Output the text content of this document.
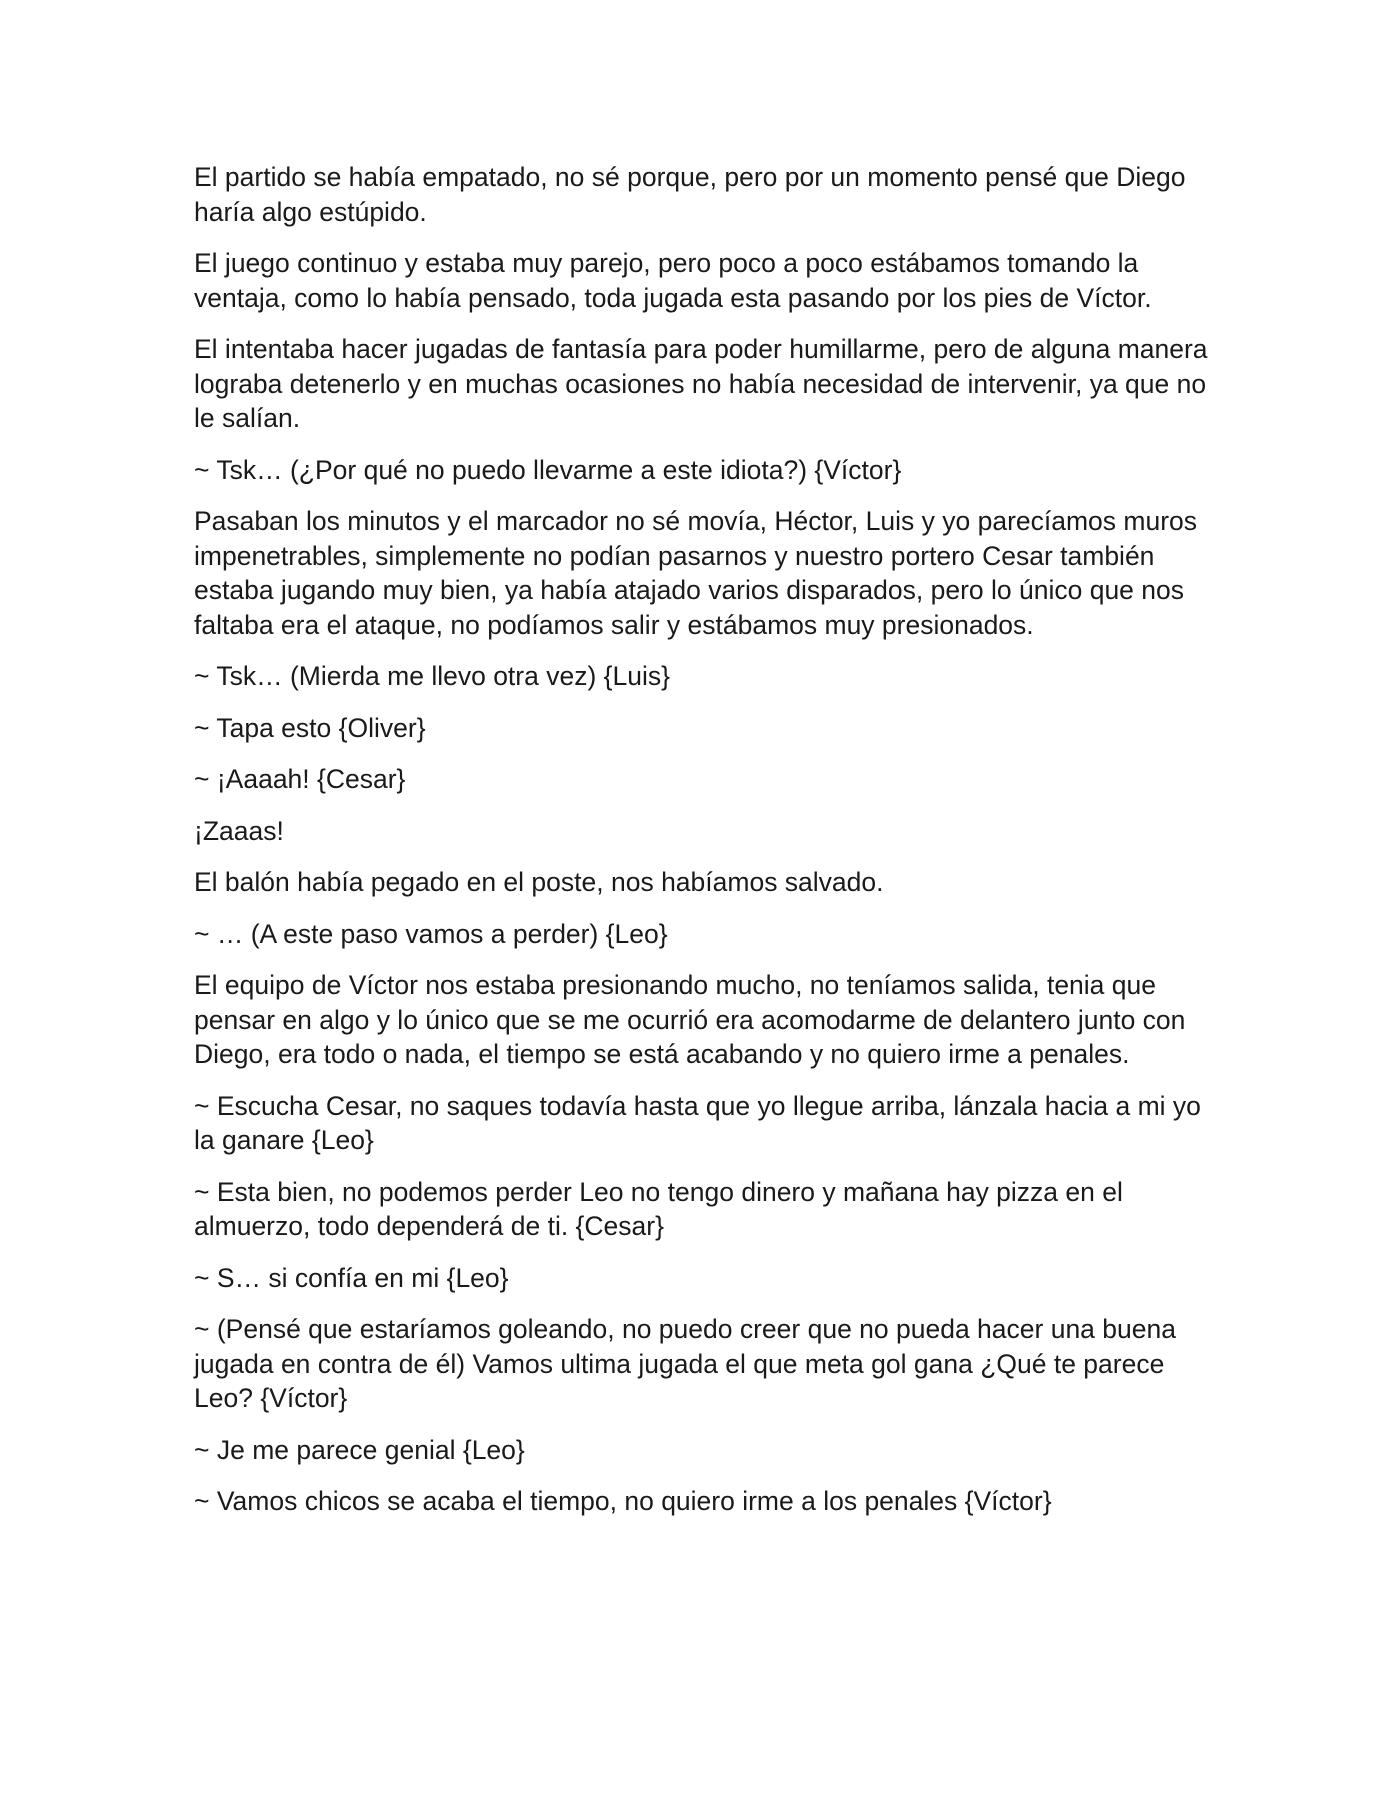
El partido se había empatado, no sé porque, pero por un momento pensé que Diego haría algo estúpido.

El juego continuo y estaba muy parejo, pero poco a poco estábamos tomando la ventaja, como lo había pensado, toda jugada esta pasando por los pies de Víctor.

El intentaba hacer jugadas de fantasía para poder humillarme, pero de alguna manera lograba detenerlo y en muchas ocasiones no había necesidad de intervenir, ya que no le salían.

~ Tsk… (¿Por qué no puedo llevarme a este idiota?) {Víctor}

Pasaban los minutos y el marcador no sé movía, Héctor, Luis y yo parecíamos muros impenetrables, simplemente no podían pasarnos y nuestro portero Cesar también estaba jugando muy bien, ya había atajado varios disparados, pero lo único que nos faltaba era el ataque, no podíamos salir y estábamos muy presionados.

~ Tsk… (Mierda me llevo otra vez) {Luis}

~ Tapa esto {Oliver}

~ ¡Aaaah! {Cesar}

¡Zaaas!

El balón había pegado en el poste, nos habíamos salvado.

~ … (A este paso vamos a perder) {Leo}

El equipo de Víctor nos estaba presionando mucho, no teníamos salida, tenia que pensar en algo y lo único que se me ocurrió era acomodarme de delantero junto con Diego, era todo o nada, el tiempo se está acabando y no quiero irme a penales.

~ Escucha Cesar, no saques todavía hasta que yo llegue arriba, lánzala hacia a mi yo la ganare {Leo}

~ Esta bien, no podemos perder Leo no tengo dinero y mañana hay pizza en el almuerzo, todo dependerá de ti. {Cesar}

~ S… si confía en mi {Leo}

~ (Pensé que estaríamos goleando, no puedo creer que no pueda hacer una buena jugada en contra de él) Vamos ultima jugada el que meta gol gana ¿Qué te parece Leo? {Víctor}

~ Je me parece genial {Leo}

~ Vamos chicos se acaba el tiempo, no quiero irme a los penales {Víctor}
